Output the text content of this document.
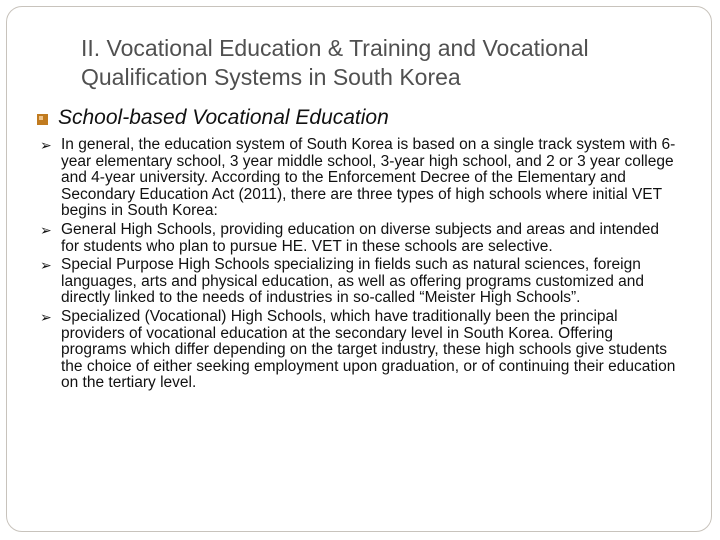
II. Vocational Education & Training and Vocational Qualification Systems in South Korea
School-based Vocational Education
➢ In general, the education system of South Korea is based on a single track system with 6-year elementary school, 3 year middle school, 3-year high school, and 2 or 3 year college and 4-year university. According to the Enforcement Decree of the Elementary and Secondary Education Act (2011), there are three types of high schools where initial VET begins in South Korea:
➢ General High Schools, providing education on diverse subjects and areas and intended for students who plan to pursue HE. VET in these schools are selective.
➢ Special Purpose High Schools specializing in fields such as natural sciences, foreign languages, arts and physical education, as well as offering programs customized and directly linked to the needs of industries in so-called “Meister High Schools”.
➢ Specialized (Vocational) High Schools, which have traditionally been the principal providers of vocational education at the secondary level in South Korea. Offering programs which differ depending on the target industry, these high schools give students the choice of either seeking employment upon graduation, or of continuing their education on the tertiary level.
